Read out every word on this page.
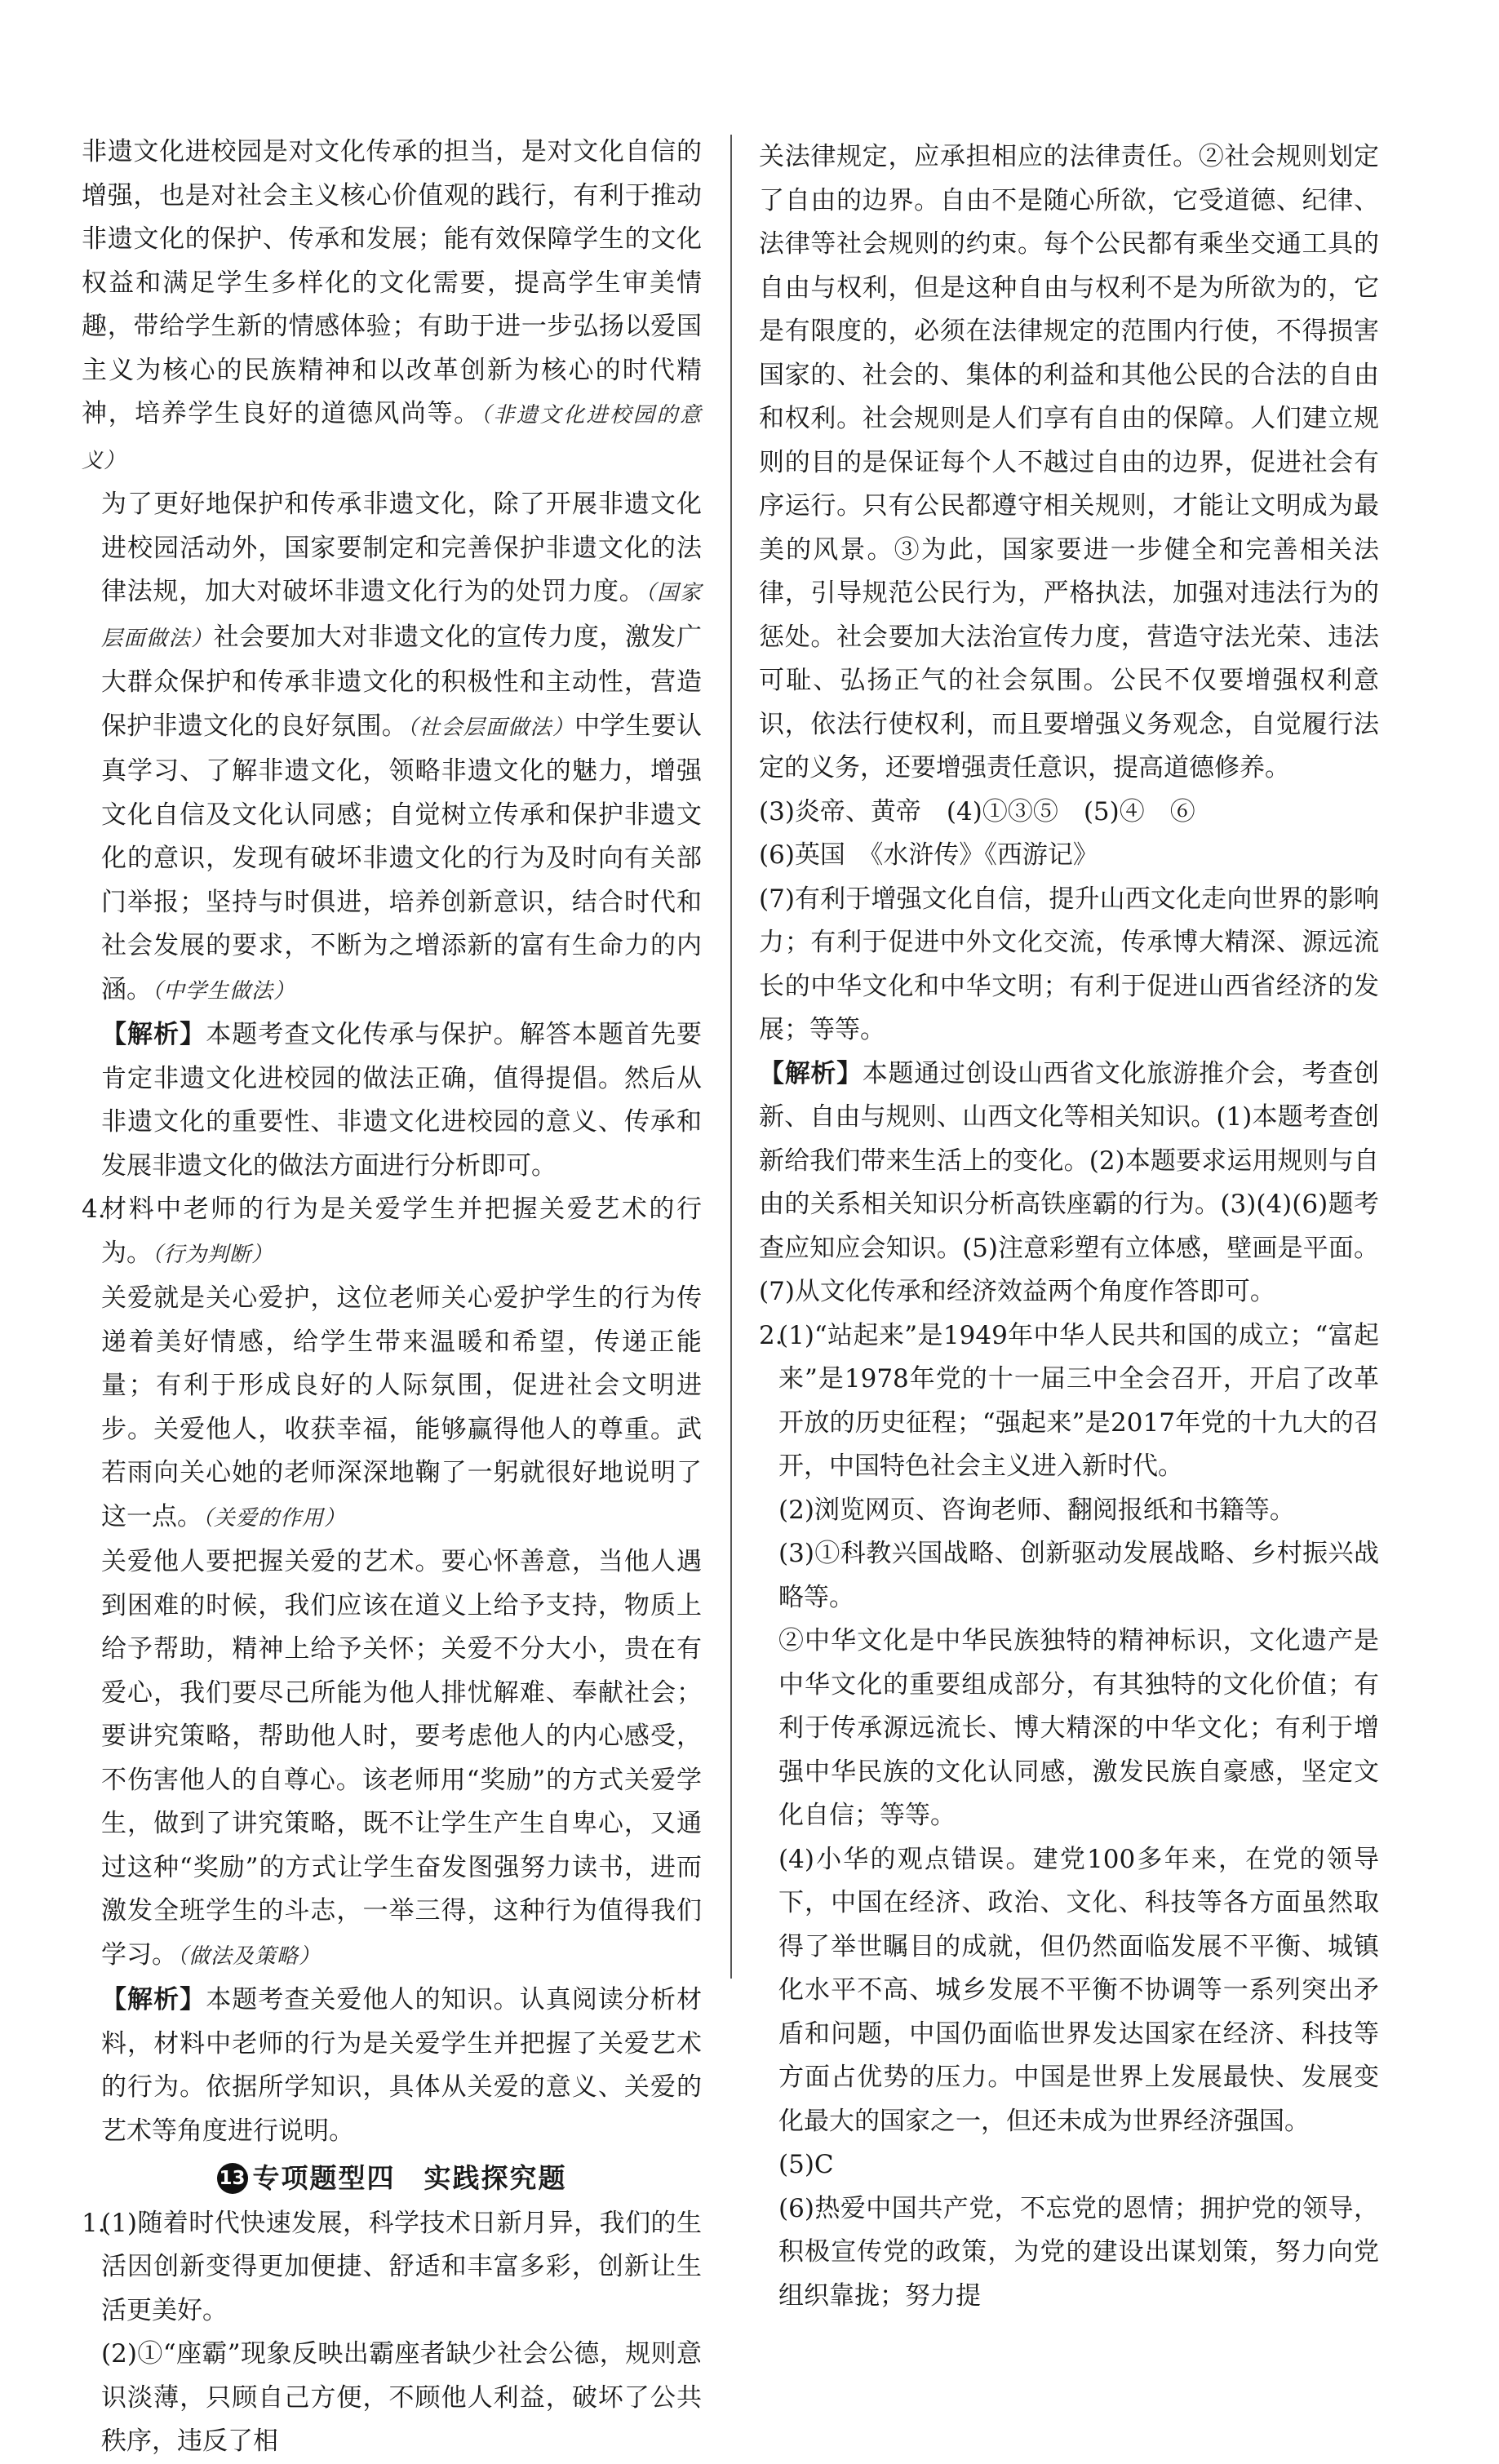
非遗文化进校园是对文化传承的担当，是对文化自信的增强，也是对社会主义核心价值观的践行，有利于推动非遗文化的保护、传承和发展；能有效保障学生的文化权益和满足学生多样化的文化需要，提高学生审美情趣，带给学生新的情感体验；有助于进一步弘扬以爱国主义为核心的民族精神和以改革创新为核心的时代精神，培养学生良好的道德风尚等。（非遗文化进校园的意义）

为了更好地保护和传承非遗文化，除了开展非遗文化进校园活动外，国家要制定和完善保护非遗文化的法律法规，加大对破坏非遗文化行为的处罚力度。（国家层面做法）社会要加大对非遗文化的宣传力度，激发广大群众保护和传承非遗文化的积极性和主动性，营造保护非遗文化的良好氛围。（社会层面做法）中学生要认真学习、了解非遗文化，领略非遗文化的魅力，增强文化自信及文化认同感；自觉树立传承和保护非遗文化的意识，发现有破坏非遗文化的行为及时向有关部门举报；坚持与时俱进，培养创新意识，结合时代和社会发展的要求，不断为之增添新的富有生命力的内涵。（中学生做法）

【解析】本题考查文化传承与保护。解答本题首先要肯定非遗文化进校园的做法正确，值得提倡。然后从非遗文化的重要性、非遗文化进校园的意义、传承和发展非遗文化的做法方面进行分析即可。

4.
材料中老师的行为是关爱学生并把握关爱艺术的行为。（行为判断）

关爱就是关心爱护，这位老师关心爱护学生的行为传递着美好情感，给学生带来温暖和希望，传递正能量；有利于形成良好的人际氛围，促进社会文明进步。关爱他人，收获幸福，能够赢得他人的尊重。武若雨向关心她的老师深深地鞠了一躬就很好地说明了这一点。（关爱的作用）

关爱他人要把握关爱的艺术。要心怀善意，当他人遇到困难的时候，我们应该在道义上给予支持，物质上给予帮助，精神上给予关怀；关爱不分大小，贵在有爱心，我们要尽己所能为他人排忧解难、奉献社会；要讲究策略，帮助他人时，要考虑他人的内心感受，不伤害他人的自尊心。该老师用“奖励”的方式关爱学生，做到了讲究策略，既不让学生产生自卑心，又通过这种“奖励”的方式让学生奋发图强努力读书，进而激发全班学生的斗志，一举三得，这种行为值得我们学习。（做法及策略）

【解析】本题考查关爱他人的知识。认真阅读分析材料，材料中老师的行为是关爱学生并把握了关爱艺术的行为。依据所学知识，具体从关爱的意义、关爱的艺术等角度进行说明。

13 专项题型四　实践探究题

1.
(1)随着时代快速发展，科学技术日新月异，我们的生活因创新变得更加便捷、舒适和丰富多彩，创新让生活更美好。

(2)①“座霸”现象反映出霸座者缺少社会公德，规则意识淡薄，只顾自己方便，不顾他人利益，破坏了公共秩序，违反了相

关法律规定，应承担相应的法律责任。②社会规则划定了自由的边界。自由不是随心所欲，它受道德、纪律、法律等社会规则的约束。每个公民都有乘坐交通工具的自由与权利，但是这种自由与权利不是为所欲为的，它是有限度的，必须在法律规定的范围内行使，不得损害国家的、社会的、集体的利益和其他公民的合法的自由和权利。社会规则是人们享有自由的保障。人们建立规则的目的是保证每个人不越过自由的边界，促进社会有序运行。只有公民都遵守相关规则，才能让文明成为最美的风景。③为此，国家要进一步健全和完善相关法律，引导规范公民行为，严格执法，加强对违法行为的惩处。社会要加大法治宣传力度，营造守法光荣、违法可耻、弘扬正气的社会氛围。公民不仅要增强权利意识，依法行使权利，而且要增强义务观念，自觉履行法定的义务，还要增强责任意识，提高道德修养。

(3)炎帝、黄帝　(4)①③⑤　(5)④　⑥

(6)英国　《水浒传》《西游记》

(7)有利于增强文化自信，提升山西文化走向世界的影响力；有利于促进中外文化交流，传承博大精深、源远流长的中华文化和中华文明；有利于促进山西省经济的发展；等等。

【解析】本题通过创设山西省文化旅游推介会，考查创新、自由与规则、山西文化等相关知识。(1)本题考查创新给我们带来生活上的变化。(2)本题要求运用规则与自由的关系相关知识分析高铁座霸的行为。(3)(4)(6)题考查应知应会知识。(5)注意彩塑有立体感，壁画是平面。(7)从文化传承和经济效益两个角度作答即可。

2.
(1)“站起来”是1949年中华人民共和国的成立；“富起来”是1978年党的十一届三中全会召开，开启了改革开放的历史征程；“强起来”是2017年党的十九大的召开，中国特色社会主义进入新时代。

(2)浏览网页、咨询老师、翻阅报纸和书籍等。

(3)①科教兴国战略、创新驱动发展战略、乡村振兴战略等。

②中华文化是中华民族独特的精神标识，文化遗产是中华文化的重要组成部分，有其独特的文化价值；有利于传承源远流长、博大精深的中华文化；有利于增强中华民族的文化认同感，激发民族自豪感，坚定文化自信；等等。

(4)小华的观点错误。建党100多年来，在党的领导下，中国在经济、政治、文化、科技等各方面虽然取得了举世瞩目的成就，但仍然面临发展不平衡、城镇化水平不高、城乡发展不平衡不协调等一系列突出矛盾和问题，中国仍面临世界发达国家在经济、科技等方面占优势的压力。中国是世界上发展最快、发展变化最大的国家之一，但还未成为世界经济强国。

(5)C

(6)热爱中国共产党，不忘党的恩情；拥护党的领导，积极宣传党的政策，为党的建设出谋划策，努力向党组织靠拢；努力提
